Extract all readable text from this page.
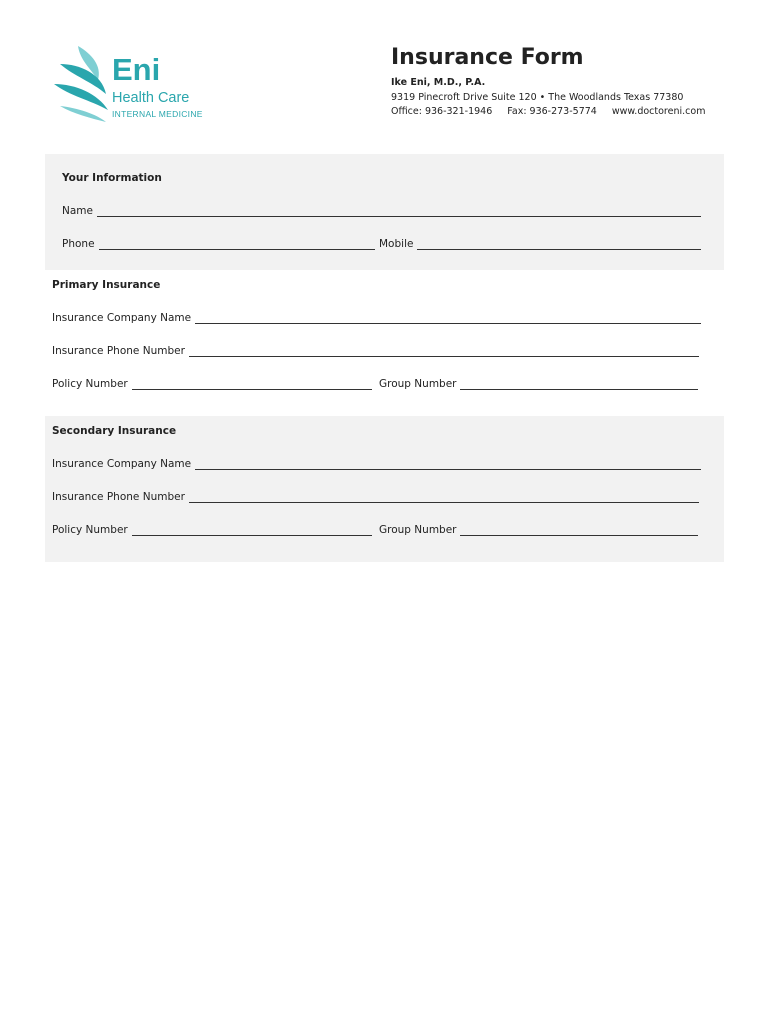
Eni
Health Care
INTERNAL MEDICINE
Insurance Form
Ike Eni, M.D., P.A.
9319 Pinecroft Drive Suite 120 • The Woodlands Texas 77380
Office: 936-321-1946 Fax: 936-273-5774 www.doctoreni.com
Your Information
Name
Phone	Mobile
Primary Insurance
Insurance Company Name
Insurance Phone Number
Policy Number	Group Number
Secondary Insurance
Insurance Company Name
Insurance Phone Number
Policy Number	Group Number
